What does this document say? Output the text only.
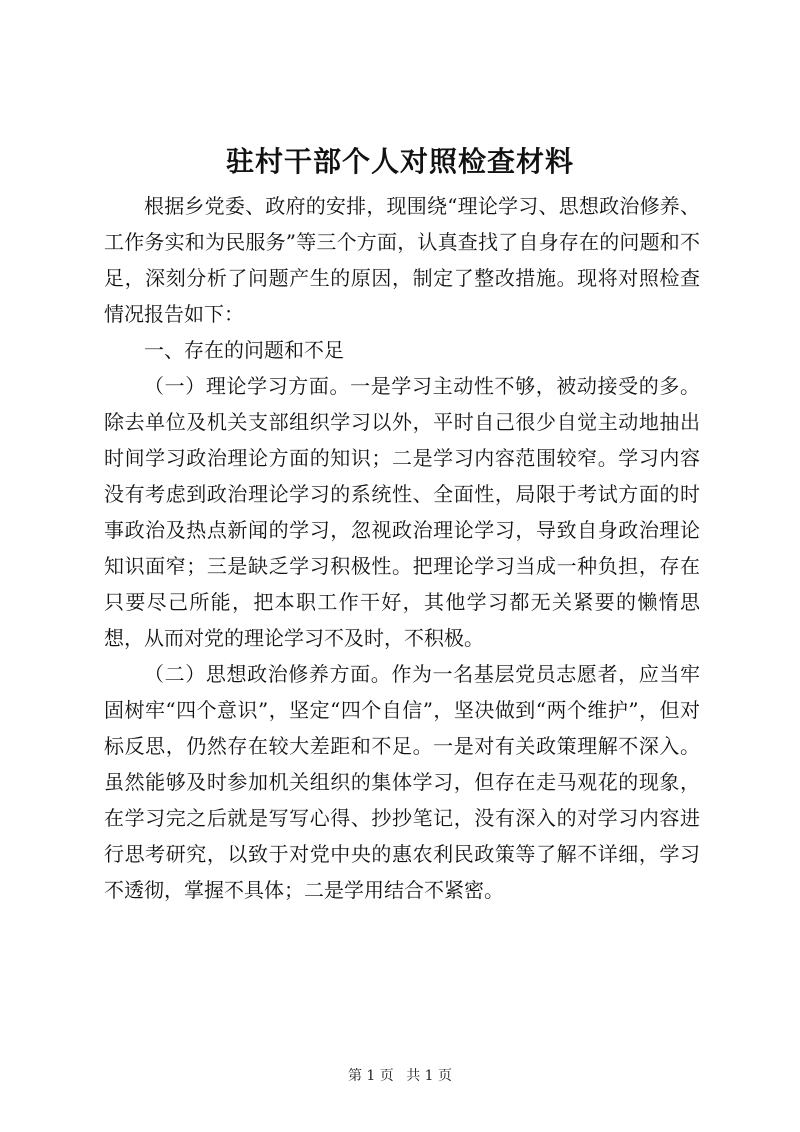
驻村干部个人对照检查材料

根据乡党委、政府的安排，现围绕“理论学习、思想政治修养、工作务实和为民服务”等三个方面，认真查找了自身存在的问题和不足，深刻分析了问题产生的原因，制定了整改措施。现将对照检查情况报告如下：

一、存在的问题和不足

（一）理论学习方面。一是学习主动性不够，被动接受的多。除去单位及机关支部组织学习以外，平时自己很少自觉主动地抽出时间学习政治理论方面的知识；二是学习内容范围较窄。学习内容没有考虑到政治理论学习的系统性、全面性，局限于考试方面的时事政治及热点新闻的学习，忽视政治理论学习，导致自身政治理论知识面窄；三是缺乏学习积极性。把理论学习当成一种负担，存在只要尽己所能，把本职工作干好，其他学习都无关紧要的懒惰思想，从而对党的理论学习不及时，不积极。

（二）思想政治修养方面。作为一名基层党员志愿者，应当牢固树牢“四个意识”，坚定“四个自信”，坚决做到“两个维护”，但对标反思，仍然存在较大差距和不足。一是对有关政策理解不深入。虽然能够及时参加机关组织的集体学习，但存在走马观花的现象，在学习完之后就是写写心得、抄抄笔记，没有深入的对学习内容进行思考研究，以致于对党中央的惠农利民政策等了解不详细，学习不透彻，掌握不具体；二是学用结合不紧密。

第 1 页 共 1 页
